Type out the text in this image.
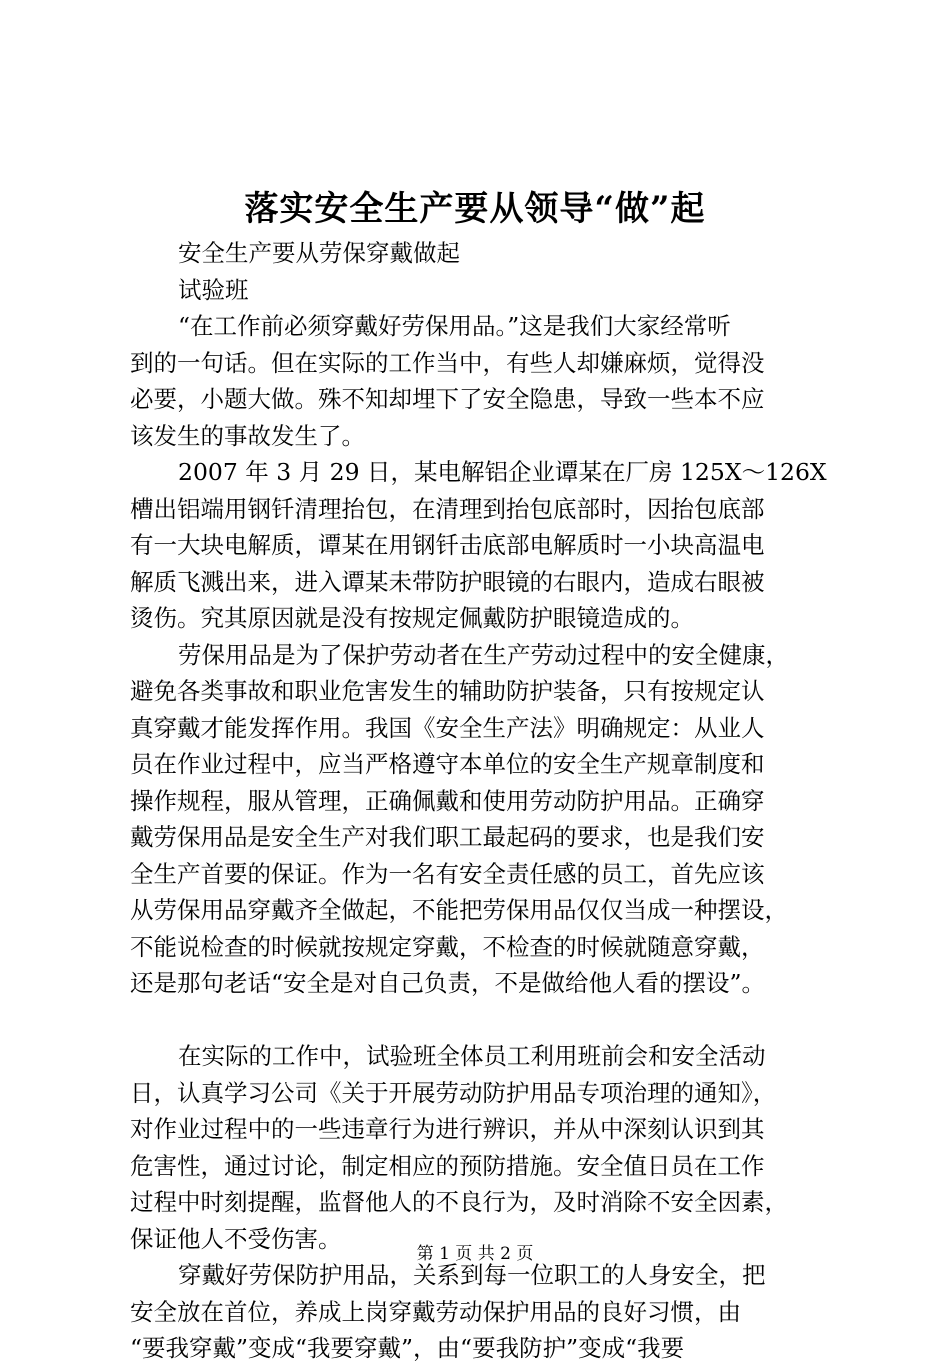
落实安全生产要从领导“做”起
安全生产要从劳保穿戴做起
试验班
“在工作前必须穿戴好劳保用品。”这是我们大家经常听
到的一句话。但在实际的工作当中，有些人却嫌麻烦，觉得没
必要，小题大做。殊不知却埋下了安全隐患，导致一些本不应
该发生的事故发生了。
2007 年 3 月 29 日，某电解铝企业谭某在厂房 125X～126X
槽出铝端用钢钎清理抬包，在清理到抬包底部时，因抬包底部
有一大块电解质，谭某在用钢钎击底部电解质时一小块高温电
解质飞溅出来，进入谭某未带防护眼镜的右眼内，造成右眼被
烫伤。究其原因就是没有按规定佩戴防护眼镜造成的。
劳保用品是为了保护劳动者在生产劳动过程中的安全健康，
避免各类事故和职业危害发生的辅助防护装备，只有按规定认
真穿戴才能发挥作用。我国《安全生产法》明确规定：从业人
员在作业过程中，应当严格遵守本单位的安全生产规章制度和
操作规程，服从管理，正确佩戴和使用劳动防护用品。正确穿
戴劳保用品是安全生产对我们职工最起码的要求，也是我们安
全生产首要的保证。作为一名有安全责任感的员工，首先应该
从劳保用品穿戴齐全做起，不能把劳保用品仅仅当成一种摆设，
不能说检查的时候就按规定穿戴，不检查的时候就随意穿戴，
还是那句老话“安全是对自己负责，不是做给他人看的摆设”。
在实际的工作中，试验班全体员工利用班前会和安全活动
日，认真学习公司《关于开展劳动防护用品专项治理的通知》，
对作业过程中的一些违章行为进行辨识，并从中深刻认识到其
危害性，通过讨论，制定相应的预防措施。安全值日员在工作
过程中时刻提醒，监督他人的不良行为，及时消除不安全因素，
保证他人不受伤害。
穿戴好劳保防护用品，关系到每一位职工的人身安全，把
安全放在首位，养成上岗穿戴劳动保护用品的良好习惯，由
“要我穿戴”变成“我要穿戴”，由“要我防护”变成“我要
第 1 页 共 2 页
